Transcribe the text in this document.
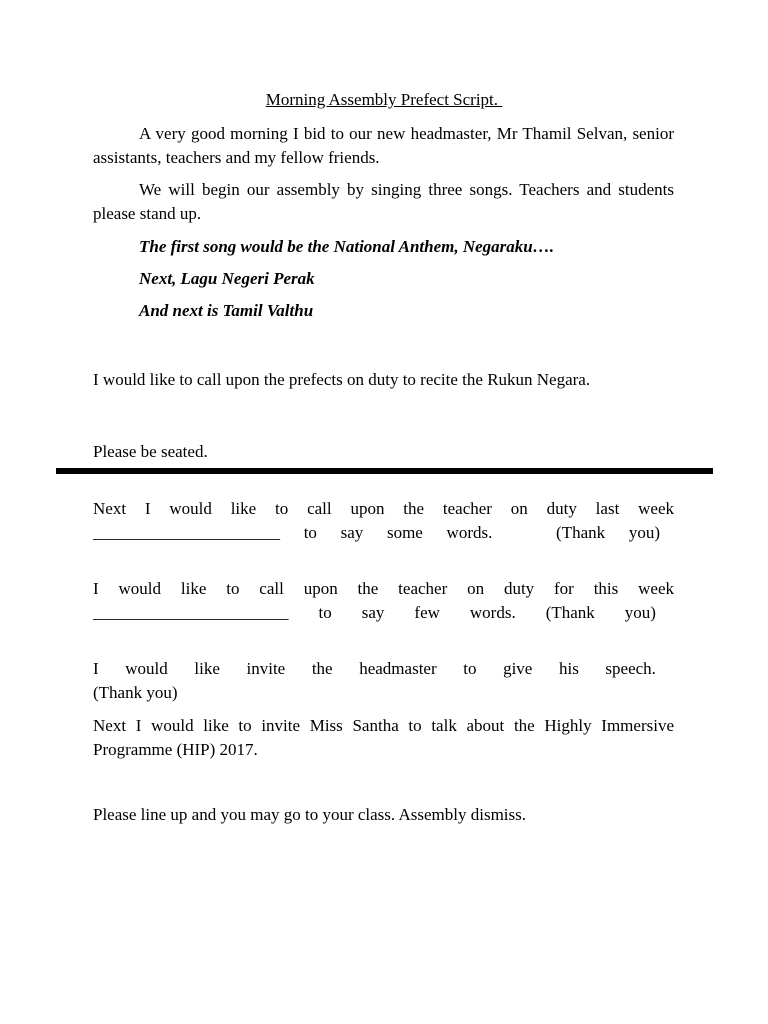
Morning Assembly Prefect Script.

A very good morning I bid to our new headmaster, Mr Thamil Selvan, senior assistants, teachers and my fellow friends.

We will begin our assembly by singing three songs. Teachers and students please stand up.

The first song would be the National Anthem, Negaraku….

Next, Lagu Negeri Perak

And next is Tamil Valthu

I would like to call upon the prefects on duty to recite the Rukun Negara.

Please be seated.

Next I would like to call upon the teacher on duty last week
______________________ to say some words.	(Thank you)
I would like to call upon the teacher on duty for this week
_______________________ to say few words. (Thank you)
I would like invite the headmaster to give his speech.
(Thank you)

Next I would like to invite Miss Santha to talk about the Highly Immersive Programme (HIP) 2017.

Please line up and you may go to your class. Assembly dismiss.
